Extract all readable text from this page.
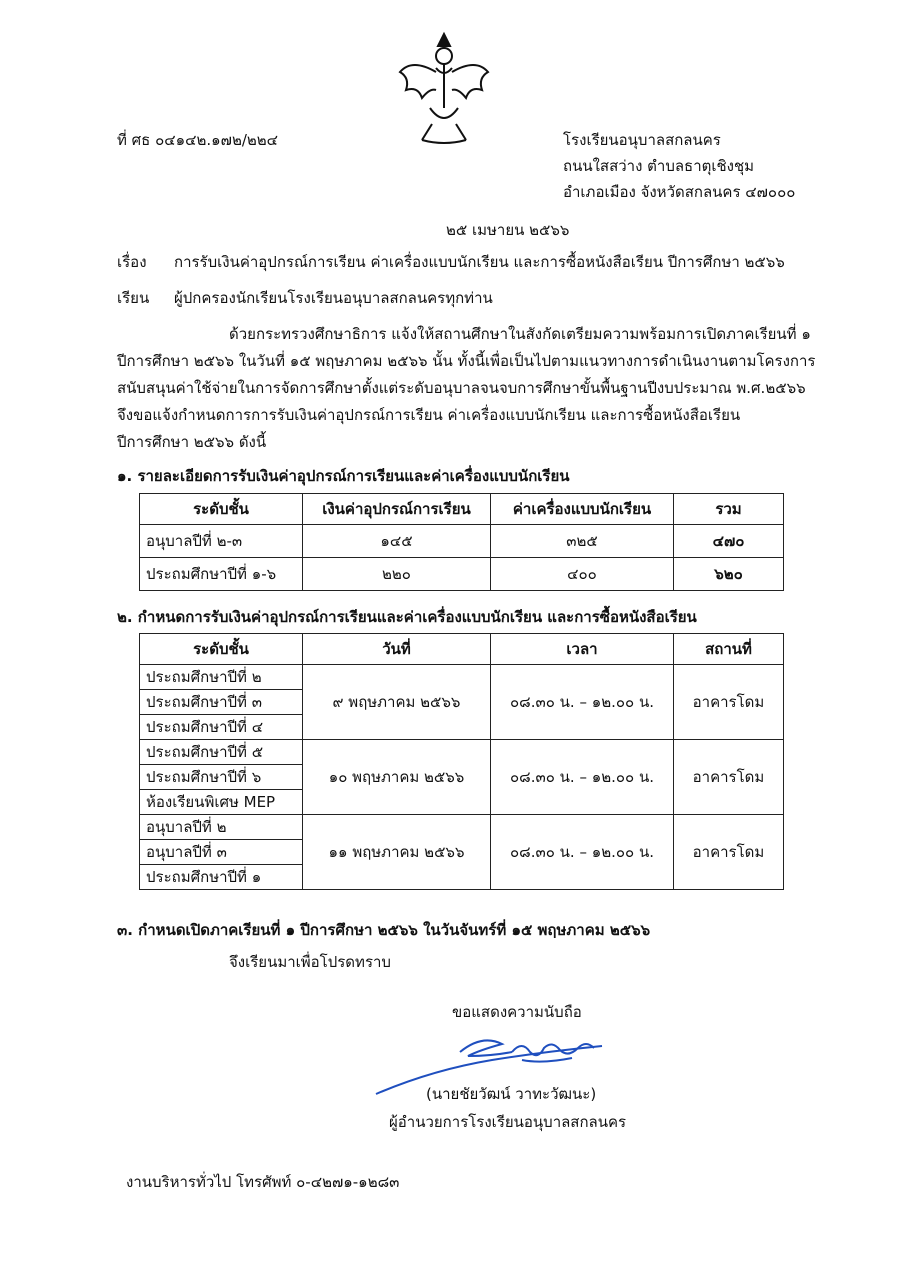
ที่ ศธ ๐๔๑๔๒.๑๗๒/๒๒๔	โรงเรียนอนุบาลสกลนคร
ถนนใสสว่าง ตำบลธาตุเชิงชุม
อำเภอเมือง จังหวัดสกลนคร ๔๗๐๐๐
๒๕ เมษายน ๒๕๖๖
เรื่อง การรับเงินค่าอุปกรณ์การเรียน ค่าเครื่องแบบนักเรียน และการซื้อหนังสือเรียน ปีการศึกษา ๒๕๖๖
เรียน ผู้ปกครองนักเรียนโรงเรียนอนุบาลสกลนครทุกท่าน
ด้วยกระทรวงศึกษาธิการ แจ้งให้สถานศึกษาในสังกัดเตรียมความพร้อมการเปิดภาคเรียนที่ ๑
ปีการศึกษา ๒๕๖๖ ในวันที่ ๑๕ พฤษภาคม ๒๕๖๖ นั้น ทั้งนี้เพื่อเป็นไปตามแนวทางการดำเนินงานตามโครงการ
สนับสนุนค่าใช้จ่ายในการจัดการศึกษาตั้งแต่ระดับอนุบาลจนจบการศึกษาขั้นพื้นฐานปีงบประมาณ พ.ศ.๒๕๖๖
จึงขอแจ้งกำหนดการการรับเงินค่าอุปกรณ์การเรียน ค่าเครื่องแบบนักเรียน และการซื้อหนังสือเรียน
ปีการศึกษา ๒๕๖๖ ดังนี้
๑. รายละเอียดการรับเงินค่าอุปกรณ์การเรียนและค่าเครื่องแบบนักเรียน
ระดับชั้น	เงินค่าอุปกรณ์การเรียน	ค่าเครื่องแบบนักเรียน	รวม
อนุบาลปีที่ ๒-๓	๑๔๕	๓๒๕	๔๗๐
ประถมศึกษาปีที่ ๑-๖	๒๒๐	๔๐๐	๖๒๐
๒. กำหนดการรับเงินค่าอุปกรณ์การเรียนและค่าเครื่องแบบนักเรียน และการซื้อหนังสือเรียน
ระดับชั้น	วันที่	เวลา	สถานที่
ประถมศึกษาปีที่ ๒	๙ พฤษภาคม ๒๕๖๖	๐๘.๓๐ น. – ๑๒.๐๐ น.	อาคารโดม
ประถมศึกษาปีที่ ๓			
ประถมศึกษาปีที่ ๔			
ประถมศึกษาปีที่ ๕	๑๐ พฤษภาคม ๒๕๖๖	๐๘.๓๐ น. – ๑๒.๐๐ น.	อาคารโดม
ประถมศึกษาปีที่ ๖			
ห้องเรียนพิเศษ MEP			
อนุบาลปีที่ ๒	๑๑ พฤษภาคม ๒๕๖๖	๐๘.๓๐ น. – ๑๒.๐๐ น.	อาคารโดม
อนุบาลปีที่ ๓			
ประถมศึกษาปีที่ ๑			
๓. กำหนดเปิดภาคเรียนที่ ๑ ปีการศึกษา ๒๕๖๖ ในวันจันทร์ที่ ๑๕ พฤษภาคม ๒๕๖๖
จึงเรียนมาเพื่อโปรดทราบ
ขอแสดงความนับถือ
(นายชัยวัฒน์ วาทะวัฒนะ)
ผู้อำนวยการโรงเรียนอนุบาลสกลนคร
งานบริหารทั่วไป โทรศัพท์ ๐-๔๒๗๑-๑๒๘๓
